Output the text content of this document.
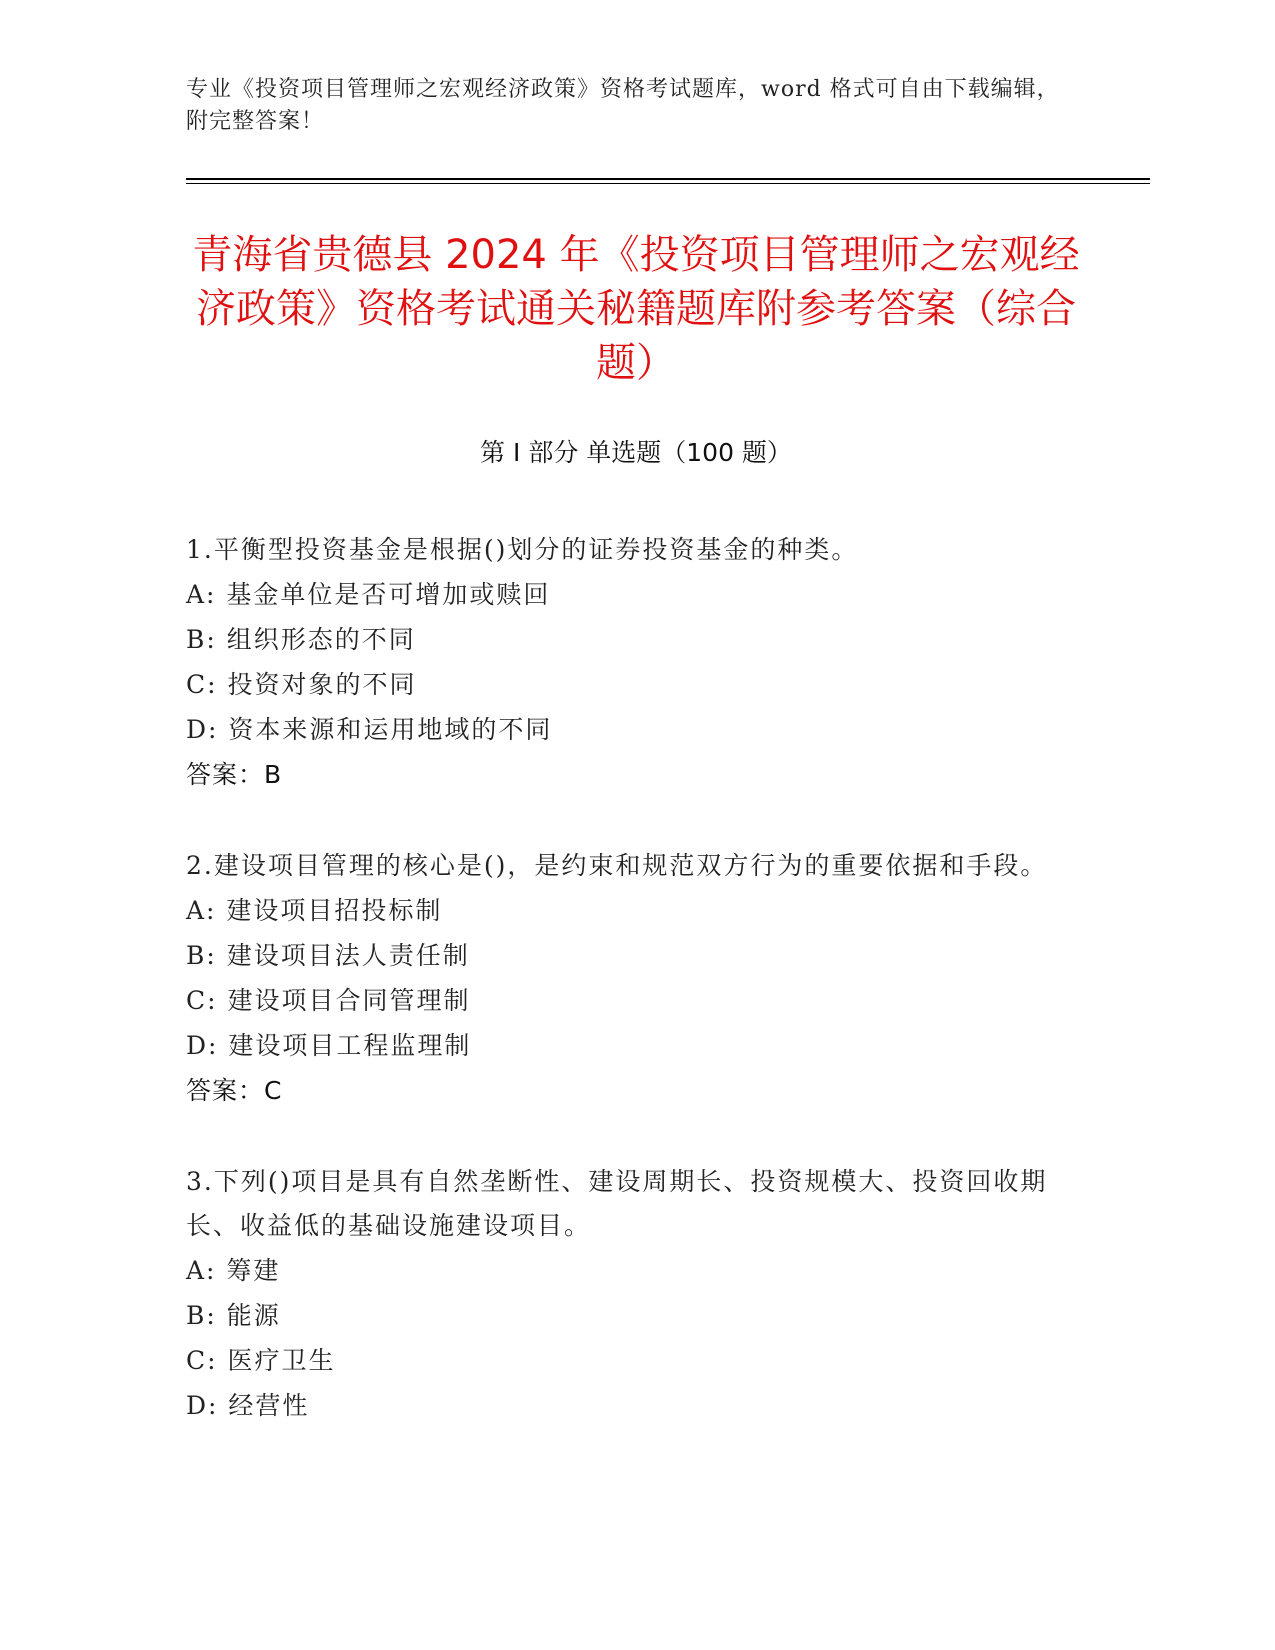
专业《投资项目管理师之宏观经济政策》资格考试题库，word 格式可自由下载编辑，附完整答案！
青海省贵德县 2024 年《投资项目管理师之宏观经济政策》资格考试通关秘籍题库附参考答案（综合题）
第 I 部分 单选题（100 题）
1.平衡型投资基金是根据()划分的证券投资基金的种类。
A: 基金单位是否可增加或赎回
B: 组织形态的不同
C: 投资对象的不同
D: 资本来源和运用地域的不同
答案：B
2.建设项目管理的核心是()，是约束和规范双方行为的重要依据和手段。
A: 建设项目招投标制
B: 建设项目法人责任制
C: 建设项目合同管理制
D: 建设项目工程监理制
答案：C
3.下列()项目是具有自然垄断性、建设周期长、投资规模大、投资回收期长、收益低的基础设施建设项目。
A: 筹建
B: 能源
C: 医疗卫生
D: 经营性
